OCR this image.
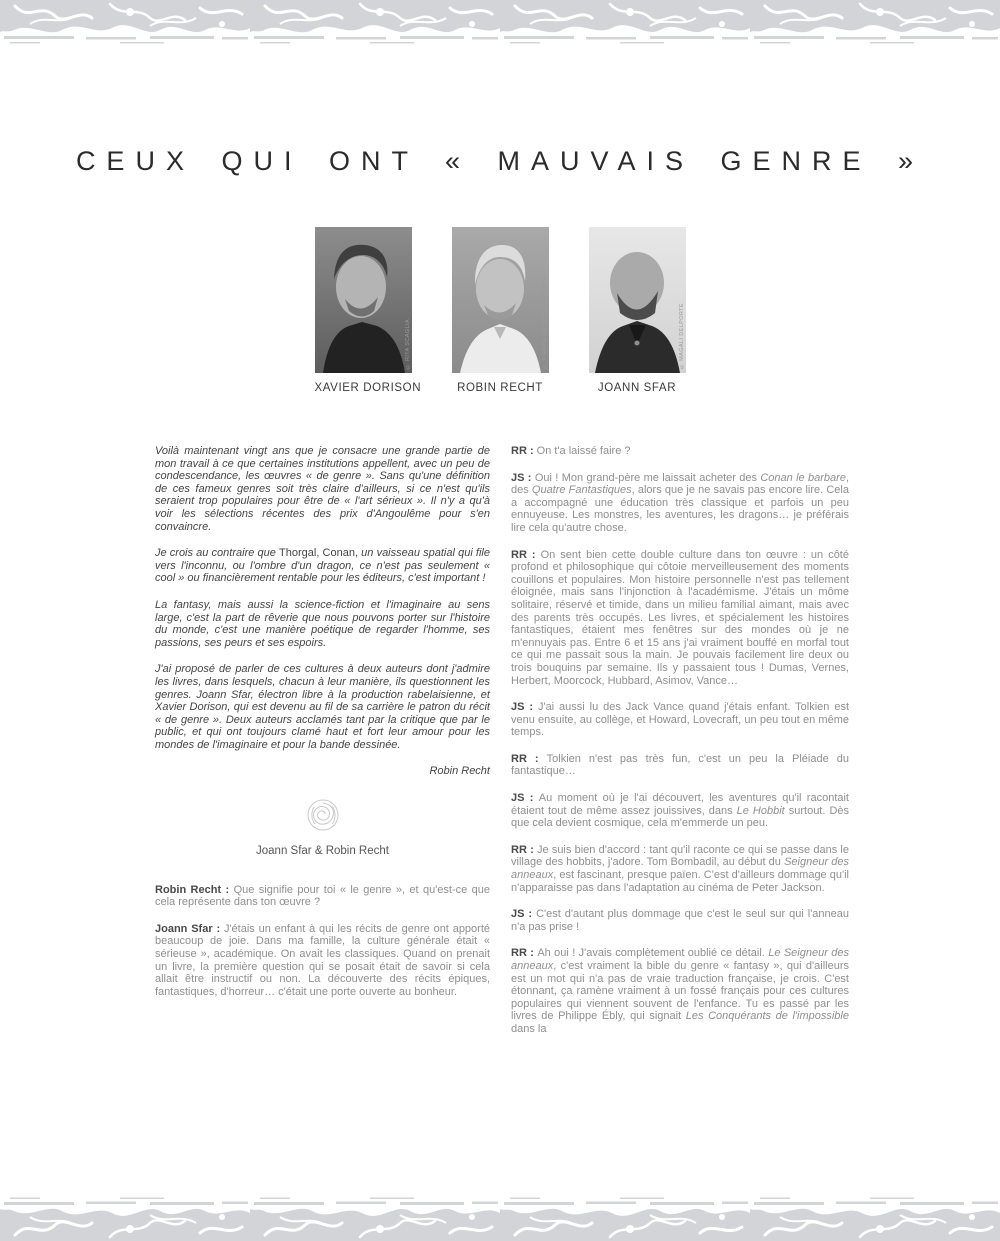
CEUX QUI ONT « MAUVAIS GENRE »
© RITA SCAGLIA
XAVIER DORISON
© PIERRE ANTOINE QUERRY
ROBIN RECHT
© MAGALI DELPORTE
JOANN SFAR

Voilà maintenant vingt ans que je consacre une grande partie de mon travail à ce que certaines institutions appellent, avec un peu de condescendance, les œuvres « de genre ». Sans qu'une définition de ces fameux genres soit très claire d'ailleurs, si ce n'est qu'ils seraient trop populaires pour être de « l'art sérieux ». Il n'y a qu'à voir les sélections récentes des prix d'Angoulême pour s'en convaincre.

Je crois au contraire que Thorgal, Conan, un vaisseau spatial qui file vers l'inconnu, ou l'ombre d'un dragon, ce n'est pas seulement « cool » ou financièrement rentable pour les éditeurs, c'est important !

La fantasy, mais aussi la science-fiction et l'imaginaire au sens large, c'est la part de rêverie que nous pouvons porter sur l'histoire du monde, c'est une manière poétique de regarder l'homme, ses passions, ses peurs et ses espoirs.

J'ai proposé de parler de ces cultures à deux auteurs dont j'admire les livres, dans lesquels, chacun à leur manière, ils questionnent les genres. Joann Sfar, électron libre à la production rabelaisienne, et Xavier Dorison, qui est devenu au fil de sa carrière le patron du récit « de genre ». Deux auteurs acclamés tant par la critique que par le public, et qui ont toujours clamé haut et fort leur amour pour les mondes de l'imaginaire et pour la bande dessinée.

Robin Recht

Joann Sfar & Robin Recht

Robin Recht : Que signifie pour toi « le genre », et qu'est-ce que cela représente dans ton œuvre ?

Joann Sfar : J'étais un enfant à qui les récits de genre ont apporté beaucoup de joie. Dans ma famille, la culture générale était « sérieuse », académique. On avait les classiques. Quand on prenait un livre, la première question qui se posait était de savoir si cela allait être instructif ou non. La découverte des récits épiques, fantastiques, d'horreur… c'était une porte ouverte au bonheur.

RR : On t'a laissé faire ?

JS : Oui ! Mon grand-père me laissait acheter des Conan le barbare, des Quatre Fantastiques, alors que je ne savais pas encore lire. Cela a accompagné une éducation très classique et parfois un peu ennuyeuse. Les monstres, les aventures, les dragons… je préférais lire cela qu'autre chose.

RR : On sent bien cette double culture dans ton œuvre : un côté profond et philosophique qui côtoie merveilleusement des moments couillons et populaires. Mon histoire personnelle n'est pas tellement éloignée, mais sans l'injonction à l'académisme. J'étais un môme solitaire, réservé et timide, dans un milieu familial aimant, mais avec des parents très occupés. Les livres, et spécialement les histoires fantastiques, étaient mes fenêtres sur des mondes où je ne m'ennuyais pas. Entre 6 et 15 ans j'ai vraiment bouffé en morfal tout ce qui me passait sous la main. Je pouvais facilement lire deux ou trois bouquins par semaine. Ils y passaient tous ! Dumas, Vernes, Herbert, Moorcock, Hubbard, Asimov, Vance…

JS : J'ai aussi lu des Jack Vance quand j'étais enfant. Tolkien est venu ensuite, au collège, et Howard, Lovecraft, un peu tout en même temps.

RR : Tolkien n'est pas très fun, c'est un peu la Pléiade du fantastique…

JS : Au moment où je l'ai découvert, les aventures qu'il racontait étaient tout de même assez jouissives, dans Le Hobbit surtout. Dès que cela devient cosmique, cela m'emmerde un peu.

RR : Je suis bien d'accord : tant qu'il raconte ce qui se passe dans le village des hobbits, j'adore. Tom Bombadil, au début du Seigneur des anneaux, est fascinant, presque païen. C'est d'ailleurs dommage qu'il n'apparaisse pas dans l'adaptation au cinéma de Peter Jackson.

JS : C'est d'autant plus dommage que c'est le seul sur qui l'anneau n'a pas prise !

RR : Ah oui ! J'avais complètement oublié ce détail. Le Seigneur des anneaux, c'est vraiment la bible du genre « fantasy », qui d'ailleurs est un mot qui n'a pas de vraie traduction française, je crois. C'est étonnant, ça ramène vraiment à un fossé français pour ces cultures populaires qui viennent souvent de l'enfance. Tu es passé par les livres de Philippe Ébly, qui signait Les Conquérants de l'impossible dans la
